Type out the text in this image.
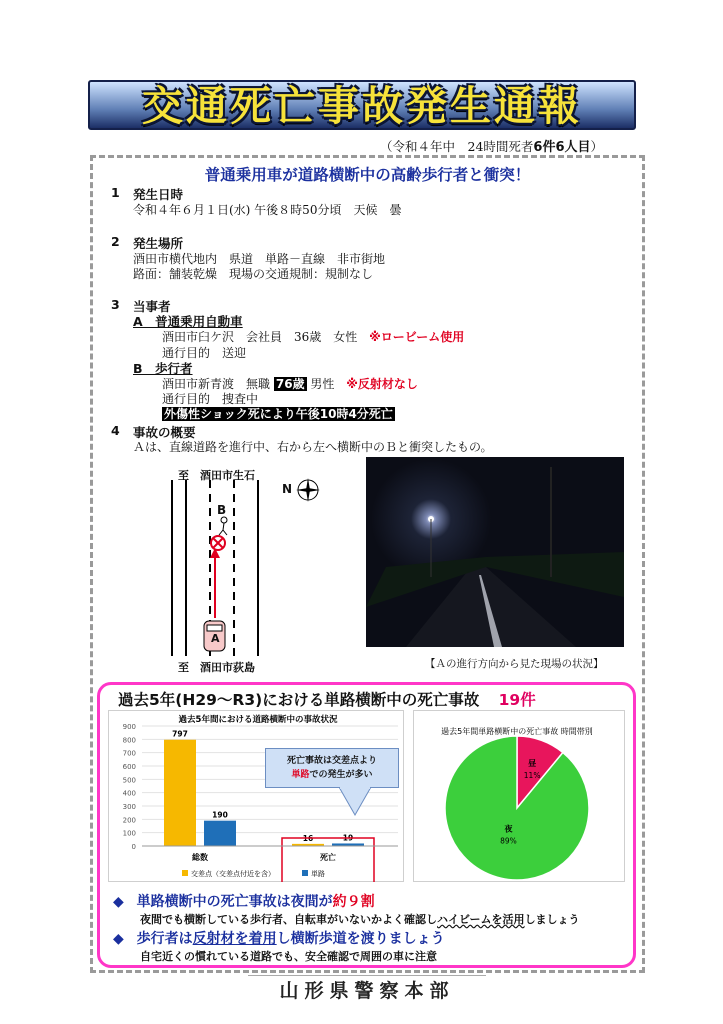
交通死亡事故発生通報
（令和４年中　24時間死者6件6人目）
普通乗用車が道路横断中の高齢歩行者と衝突！
1 発生日時
令和４年６月１日(水) 午後８時50分頃　天候　曇
2 発生場所
酒田市横代地内　県道　単路－直線　非市街地
路面：舗装乾燥　現場の交通規制：規制なし
3 当事者
A　普通乗用自動車
酒田市臼ケ沢　会社員　36歳　女性 ※ロービーム使用
通行目的　送迎
B　歩行者
酒田市新青渡　無職 76歳 男性 ※反射材なし
通行目的　捜査中
外傷性ショック死により午後10時4分死亡
4 事故の概要
Ａは、直線道路を進行中、右から左へ横断中のＢと衝突したもの。
至　酒田市生石
至　酒田市荻島
B
A
N
【Ａの進行方向から見た現場の状況】
過去5年(H29～R3)における単路横断中の死亡事故 19件
過去5年間における道路横断中の事故状況
0
100
200
300
400
500
600
700
800
900
797
190
総数
16	19
死亡
交差点（交差点付近を含）	単路
死亡事故は交差点より
単路での発生が多い
過去5年間単路横断中の死亡事故 時間帯別
昼
11%
夜
89%
◆ 単路横断中の死亡事故は夜間が約９割
夜間でも横断している歩行者、自転車がいないかよく確認しハイビームを活用しましょう
◆ 歩行者は反射材を着用し横断歩道を渡りましょう
自宅近くの慣れている道路でも、安全確認で周囲の車に注意
山形県警察本部
